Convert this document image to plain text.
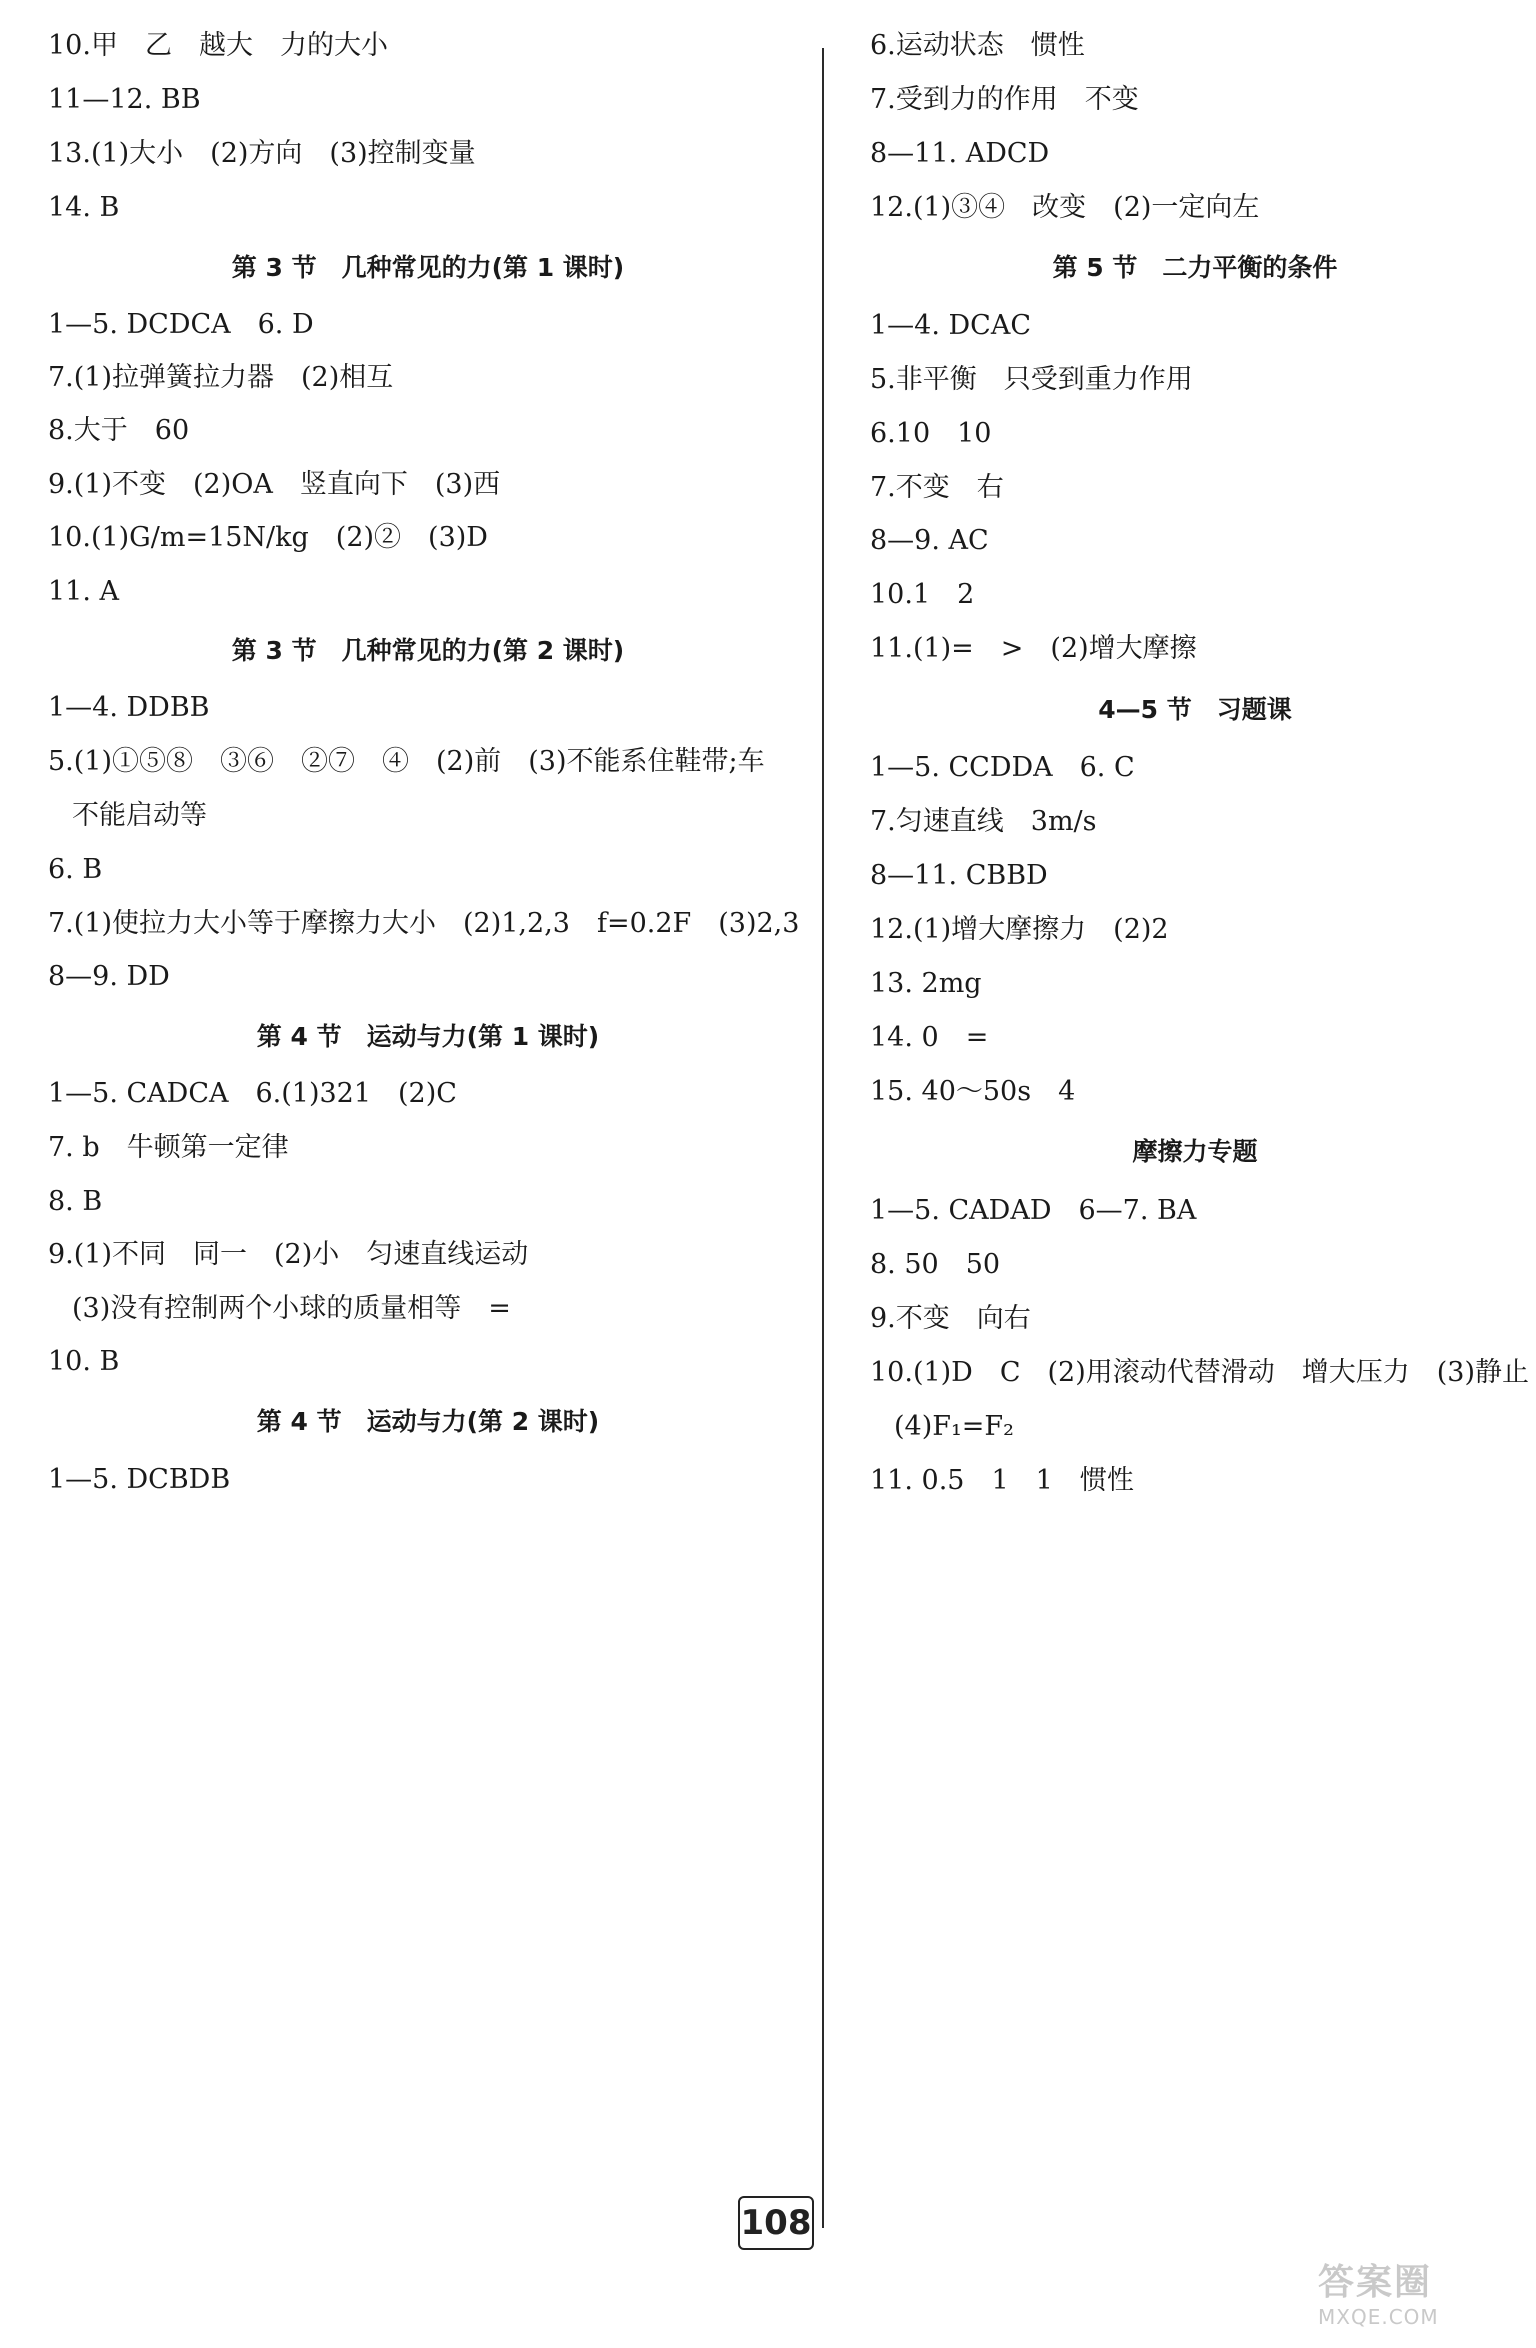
10.甲　乙　越大　力的大小
11—12. BB
13.(1)大小　(2)方向　(3)控制变量
14. B
第 3 节　几种常见的力(第 1 课时)
1—5. DCDCA　6. D
7.(1)拉弹簧拉力器　(2)相互
8.大于　60
9.(1)不变　(2)OA　竖直向下　(3)西
10.(1)G/m=15N/kg　(2)②　(3)D
11. A
第 3 节　几种常见的力(第 2 课时)
1—4. DDBB
5.(1)①⑤⑧　③⑥　②⑦　④　(2)前　(3)不能系住鞋带;车
不能启动等
6. B
7.(1)使拉力大小等于摩擦力大小　(2)1,2,3　f=0.2F　(3)2,3
8—9. DD
第 4 节　运动与力(第 1 课时)
1—5. CADCA　6.(1)321　(2)C
7. b　牛顿第一定律
8. B
9.(1)不同　同一　(2)小　匀速直线运动
(3)没有控制两个小球的质量相等　=
10. B
第 4 节　运动与力(第 2 课时)
1—5. DCBDB
6.运动状态　惯性
7.受到力的作用　不变
8—11. ADCD
12.(1)③④　改变　(2)一定向左
第 5 节　二力平衡的条件
1—4. DCAC
5.非平衡　只受到重力作用
6.10　10
7.不变　右
8—9. AC
10.1　2
11.(1)=　>　(2)增大摩擦
4—5 节　习题课
1—5. CCDDA　6. C
7.匀速直线　3m/s
8—11. CBBD
12.(1)增大摩擦力　(2)2
13. 2mg
14. 0　=
15. 40～50s　4
摩擦力专题
1—5. CADAD　6—7. BA
8. 50　50
9.不变　向右
10.(1)D　C　(2)用滚动代替滑动　增大压力　(3)静止
(4)F₁=F₂
11. 0.5　1　1　惯性
108
答案圈
MXQE.COM
